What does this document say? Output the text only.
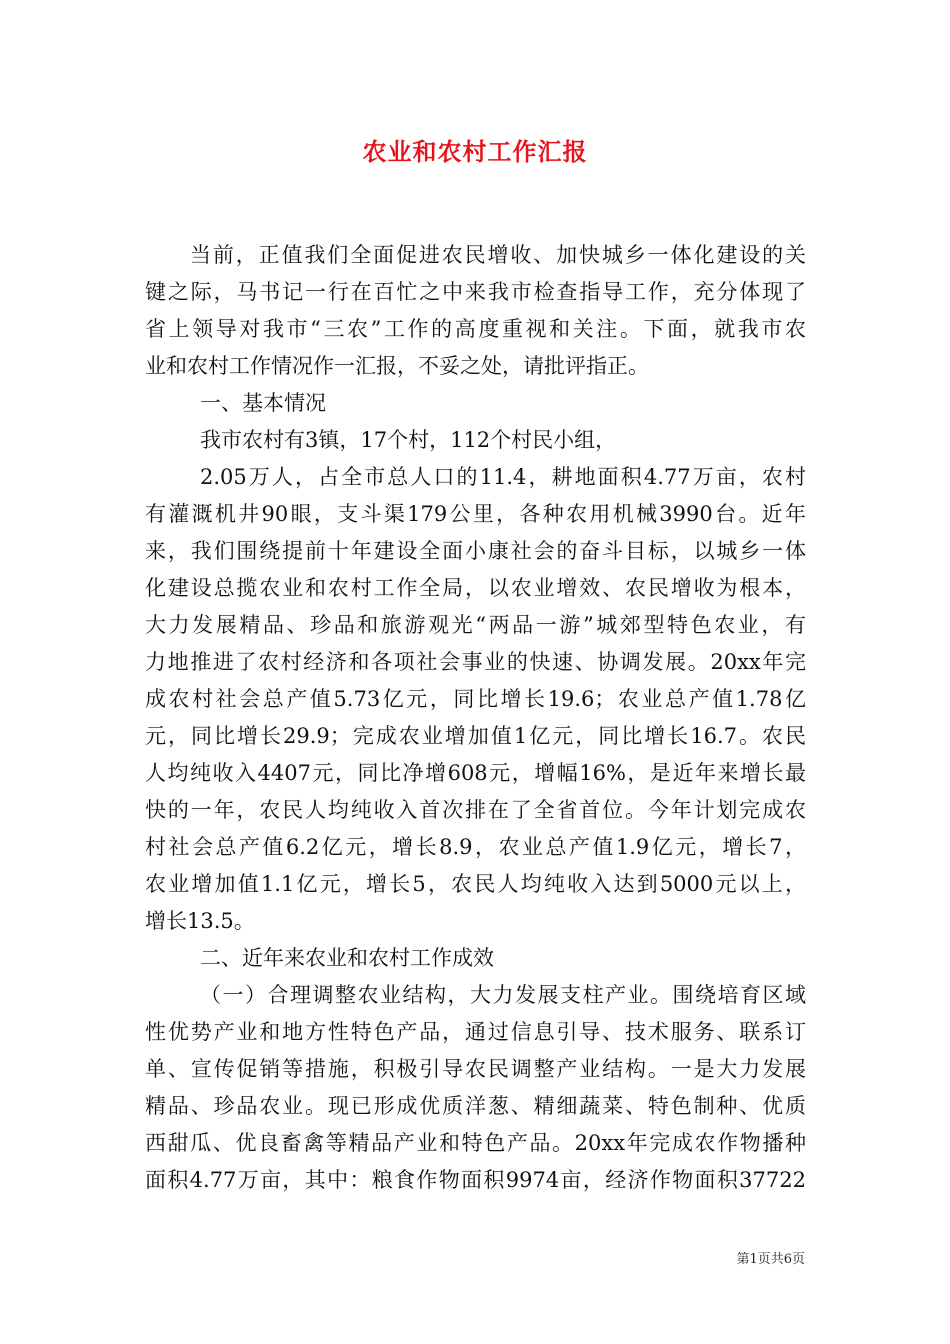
农业和农村工作汇报
当前，正值我们全面促进农民增收、加快城乡一体化建设的关
键之际，马书记一行在百忙之中来我市检查指导工作，充分体现了
省上领导对我市“三农”工作的高度重视和关注。下面，就我市农
业和农村工作情况作一汇报，不妥之处，请批评指正。
一、基本情况
我市农村有3镇，17个村，112个村民小组，
2.05万人，占全市总人口的11.4，耕地面积4.77万亩，农村
有灌溉机井90眼，支斗渠179公里，各种农用机械3990台。近年
来，我们围绕提前十年建设全面小康社会的奋斗目标，以城乡一体
化建设总揽农业和农村工作全局，以农业增效、农民增收为根本，
大力发展精品、珍品和旅游观光“两品一游”城郊型特色农业，有
力地推进了农村经济和各项社会事业的快速、协调发展。20xx年完
成农村社会总产值5.73亿元，同比增长19.6；农业总产值1.78亿
元，同比增长29.9；完成农业增加值1亿元，同比增长16.7。农民
人均纯收入4407元，同比净增608元，增幅16%，是近年来增长最
快的一年，农民人均纯收入首次排在了全省首位。今年计划完成农
村社会总产值6.2亿元，增长8.9，农业总产值1.9亿元，增长7，
农业增加值1.1亿元，增长5，农民人均纯收入达到5000元以上，
增长13.5。
二、近年来农业和农村工作成效
（一）合理调整农业结构，大力发展支柱产业。围绕培育区域
性优势产业和地方性特色产品，通过信息引导、技术服务、联系订
单、宣传促销等措施，积极引导农民调整产业结构。一是大力发展
精品、珍品农业。现已形成优质洋葱、精细蔬菜、特色制种、优质
西甜瓜、优良畜禽等精品产业和特色产品。20xx年完成农作物播种
面积4.77万亩，其中：粮食作物面积9974亩，经济作物面积37722
第1页共6页
